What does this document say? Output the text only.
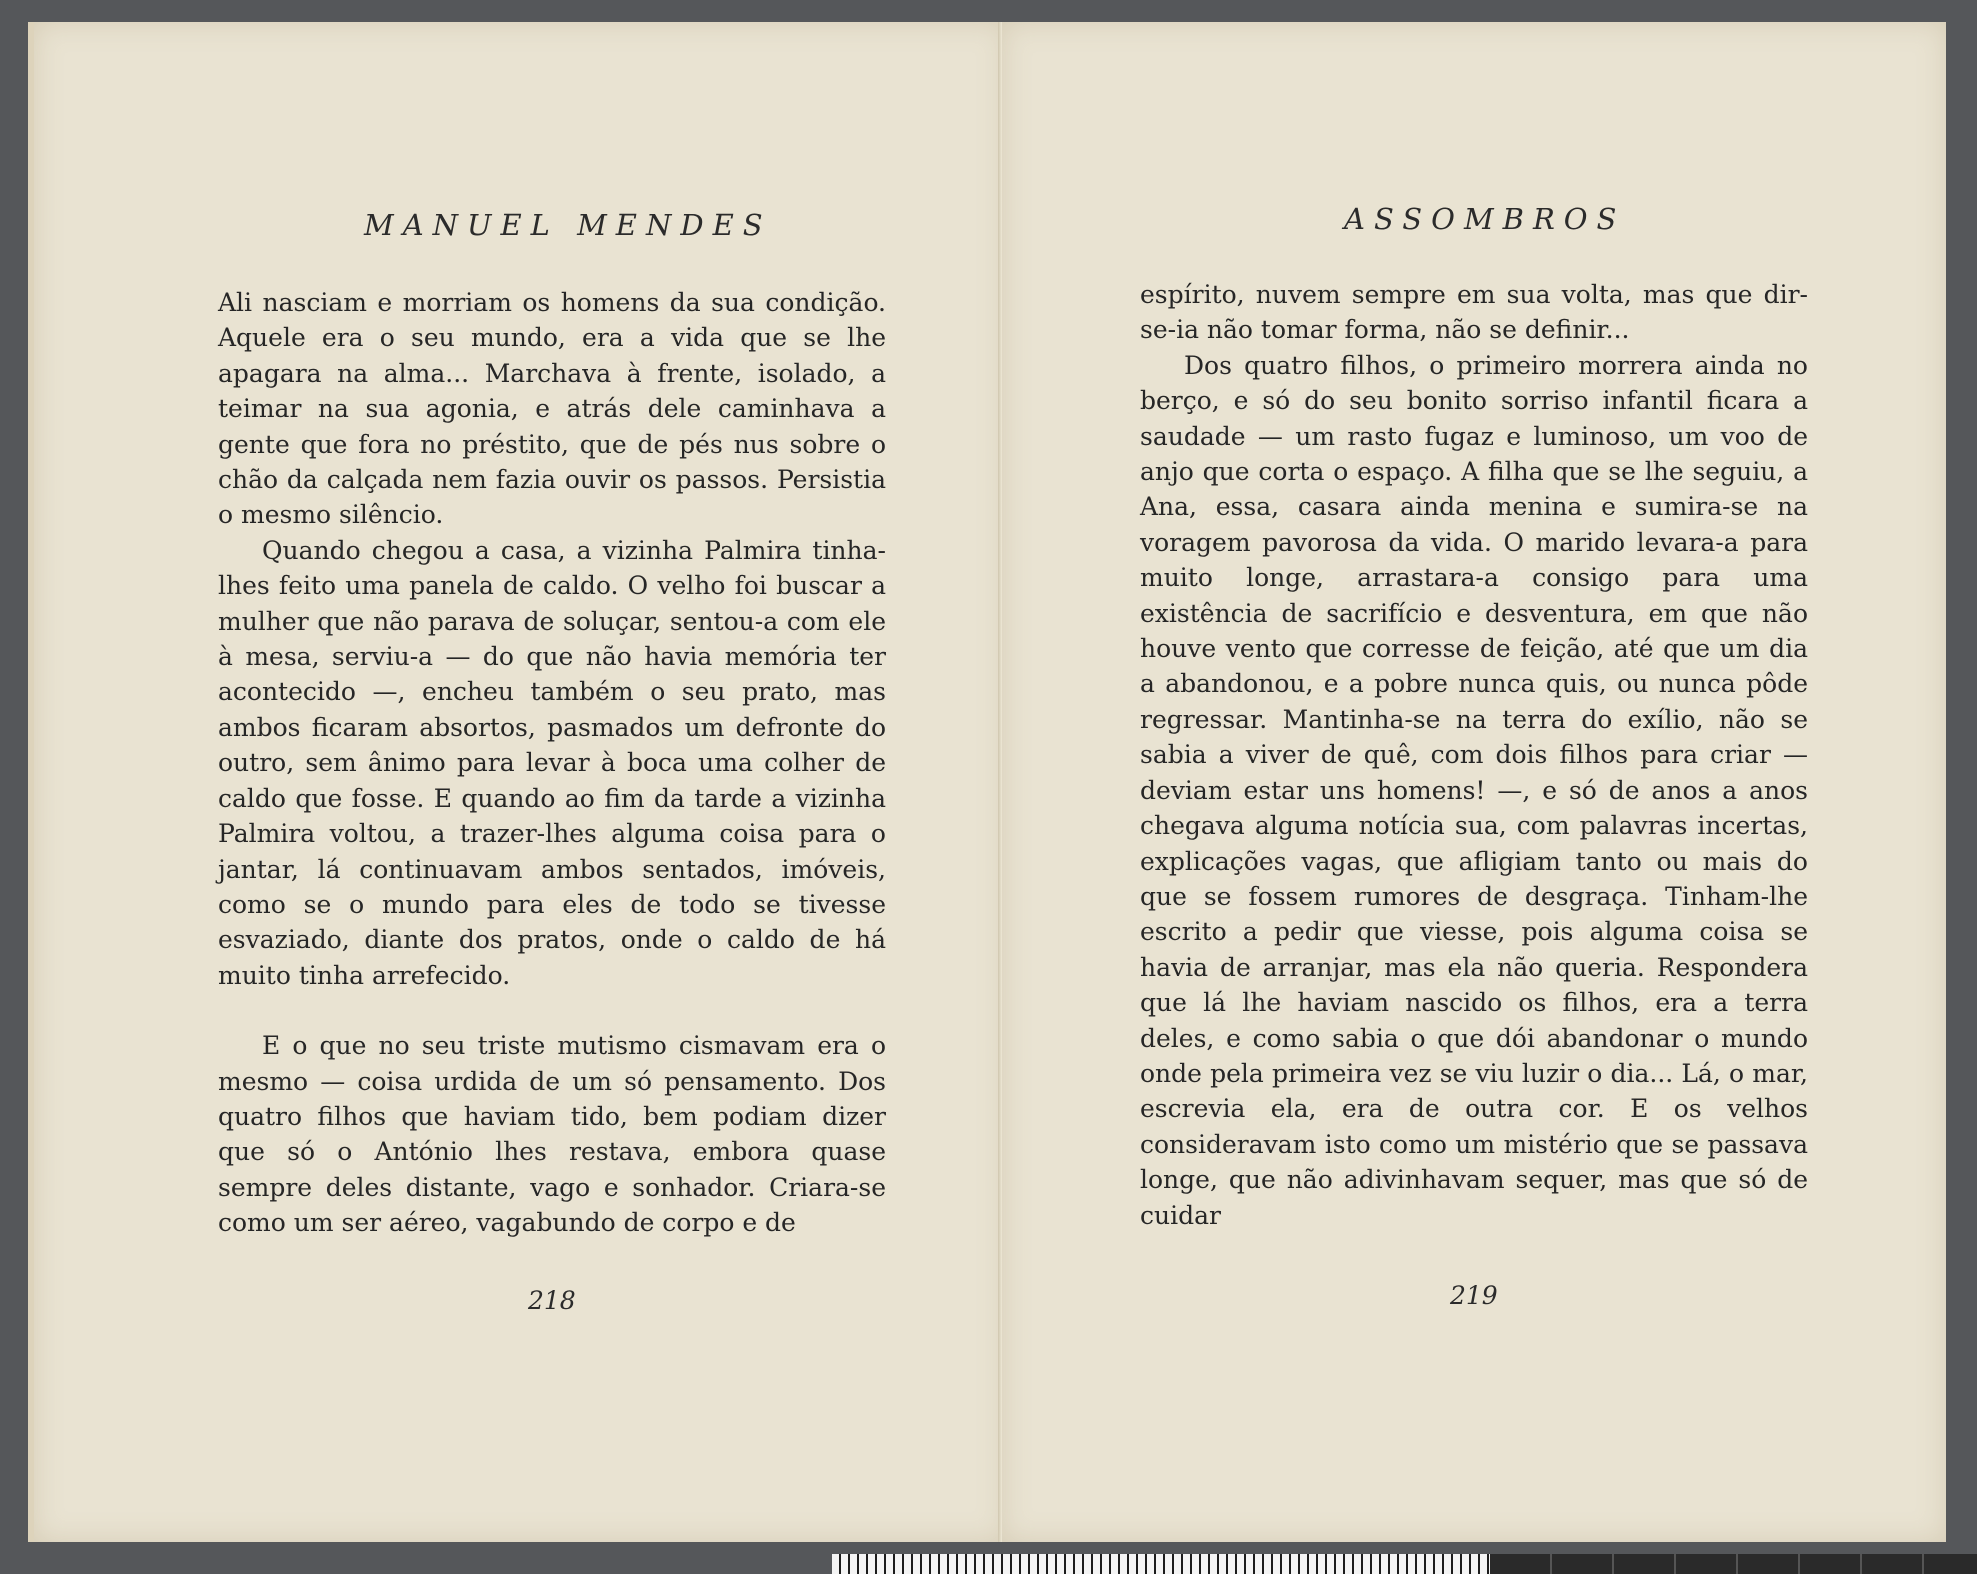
MANUEL MENDES

Ali nasciam e morriam os homens da sua condição. Aquele era o seu mundo, era a vida que se lhe apagara na alma... Marchava à frente, isolado, a teimar na sua agonia, e atrás dele caminhava a gente que fora no préstito, que de pés nus sobre o chão da calçada nem fazia ouvir os passos. Persistia o mesmo silêncio.

Quando chegou a casa, a vizinha Palmira tinha-lhes feito uma panela de caldo. O velho foi buscar a mulher que não parava de soluçar, sentou-a com ele à mesa, serviu-a — do que não havia memória ter acontecido —, encheu também o seu prato, mas ambos ficaram absortos, pasmados um defronte do outro, sem ânimo para levar à boca uma colher de caldo que fosse. E quando ao fim da tarde a vizinha Palmira voltou, a trazer-lhes alguma coisa para o jantar, lá continuavam ambos sentados, imóveis, como se o mundo para eles de todo se tivesse esvaziado, diante dos pratos, onde o caldo de há muito tinha arrefecido.

E o que no seu triste mutismo cismavam era o mesmo — coisa urdida de um só pensamento. Dos quatro filhos que haviam tido, bem podiam dizer que só o António lhes restava, embora quase sempre deles distante, vago e sonhador. Criara-se como um ser aéreo, vagabundo de corpo e de

218
ASSOMBROS

espírito, nuvem sempre em sua volta, mas que dir-se-ia não tomar forma, não se definir...

Dos quatro filhos, o primeiro morrera ainda no berço, e só do seu bonito sorriso infantil ficara a saudade — um rasto fugaz e luminoso, um voo de anjo que corta o espaço. A filha que se lhe seguiu, a Ana, essa, casara ainda menina e sumira-se na voragem pavorosa da vida. O marido levara-a para muito longe, arrastara-a consigo para uma existência de sacrifício e desventura, em que não houve vento que corresse de feição, até que um dia a abandonou, e a pobre nunca quis, ou nunca pôde regressar. Mantinha-se na terra do exílio, não se sabia a viver de quê, com dois filhos para criar — deviam estar uns homens! —, e só de anos a anos chegava alguma notícia sua, com palavras incertas, explicações vagas, que afligiam tanto ou mais do que se fossem rumores de desgraça. Tinham-lhe escrito a pedir que viesse, pois alguma coisa se havia de arranjar, mas ela não queria. Respondera que lá lhe haviam nascido os filhos, era a terra deles, e como sabia o que dói abandonar o mundo onde pela primeira vez se viu luzir o dia... Lá, o mar, escrevia ela, era de outra cor. E os velhos consideravam isto como um mistério que se passava longe, que não adivinhavam sequer, mas que só de cuidar

219
